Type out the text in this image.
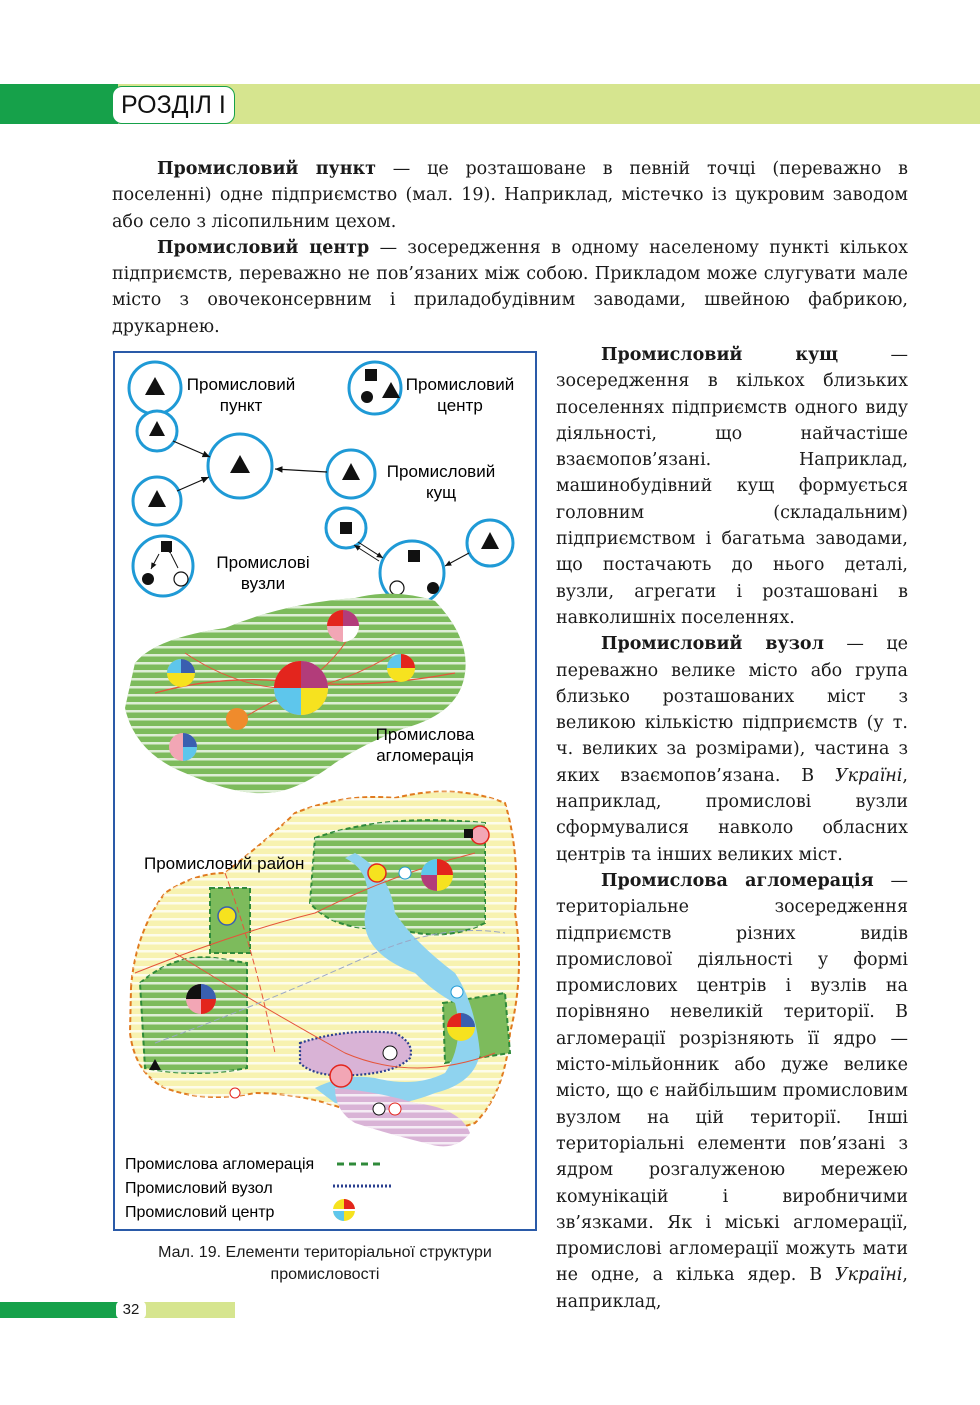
РОЗДІЛ І

Промисловий пункт — це розташоване в певній точці (переважно в поселенні) одне підприємство (мал. 19). Наприклад, містечко із цукровим заводом або село з лісопильним цехом.

Промисловий центр — зосередження в одному населеному пункті кількох підприємств, переважно не пов’язаних між собою. Прикладом може слугувати мале місто з овочеконсервним і приладобудівним заводами, швейною фабрикою, друкарнею.

Промисловий кущ — зосередження в кількох близьких поселеннях підприємств одного виду діяльності, що найчастіше взаємопов’язані. Наприклад, машинобудівний кущ формується головним (складальним) підприємством і багатьма заводами, що постачають до нього деталі, вузли, агрегати і розташовані в навколишніх поселеннях.

Промисловий вузол — це переважно велике місто або група близько розташованих міст з великою кількістю підприємств (у т. ч. великих за розмірами), частина з яких взаємопов’язана. В Україні, наприклад, промислові вузли сформувалися навколо обласних центрів та інших великих міст.

Промислова агломерація — територіальне зосередження підприємств різних видів промислової діяльності у формі промислових центрів і вузлів на порівняно невеликій території. В агломерації розрізняють її ядро — місто-мільйонник або дуже велике місто, що є найбільшим промисловим вузлом на цій території. Інші територіальні елементи пов’язані з ядром розгалуженою мережею комунікацій і виробничими зв’язками. Як і міські агломерації, промислові агломерації можуть мати не одне, а кілька ядер. В Україні, наприклад,

Промисловий
пункт
Промисловий
центр
Промисловий
кущ
Промислові
вузли
Промислова
агломерація
Промисловий район
Промислова агломерація
Промисловий вузол
Промисловий центр
Мал. 19. Елементи територіальної структури
промисловості
32
